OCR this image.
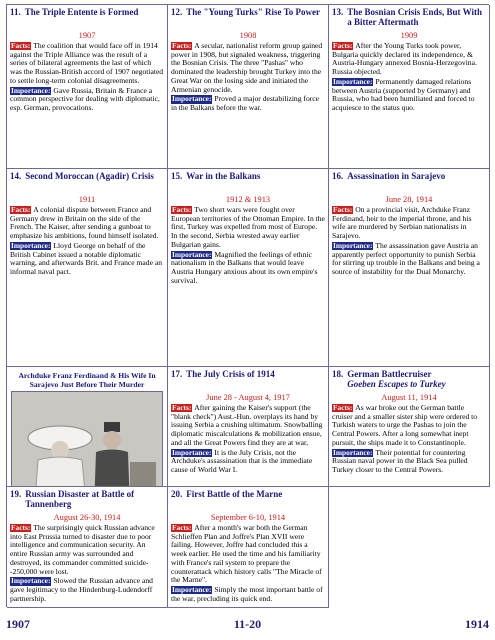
11. The Triple Entente is Formed
1907
Facts: The coalition that would face off in 1914 against the Triple Alliance was the result of a series of bilateral agreements the last of which was the Russian-British accord of 1907 negotiated to settle long-term colonial disagreements.
Importance: Gave Russia, Britain & France a common perspective for dealing with diplomatic, esp. German, provocations.
12. The "Young Turks" Rise To Power
1908
Facts: A secular, nationalist reform group gained power in 1908, but signaled weakness, triggering the Bosnian Crisis. The three "Pashas" who dominated the leadership brought Turkey into the Great War on the losing side and initiated the Armenian genocide.
Importance: Proved a major destabilizing force in the Balkans before the war.
13. The Bosnian Crisis Ends, But With a Bitter Aftermath
1909
Facts: After the Young Turks took power, Bulgaria quickly declared its independence, & Austria-Hungary annexed Bosnia-Herzegovina. Russia objected.
Importance: Permanently damaged relations between Austria (supported by Germany) and Russia, who had been humiliated and forced to acquiesce to the status quo.
14. Second Moroccan (Agadir) Crisis
1911
Facts: A colonial dispute between France and Germany drew in Britain on the side of the French. The Kaiser, after sending a gunboat to emphasize his ambitions, found himself isolated.
Importance: Lloyd George on behalf of the British Cabinet issued a notable diplomatic warning, and afterwards Brit. and France made an informal naval pact.
15. War in the Balkans
1912 & 1913
Facts: Two short wars were fought over European territories of the Ottoman Empire. In the first, Turkey was expelled from most of Europe. In the second, Serbia wrested away earlier Bulgarian gains.
Importance: Magnified the feelings of ethnic nationalism in the Balkans that would leave Austria Hungary anxious about its own empire's survival.
16. Assassination in Sarajevo
June 28, 1914
Facts: On a provincial visit, Archduke Franz Ferdinand, heir to the imperial throne, and his wife are murdered by Serbian nationalists in Sarajevo.
Importance: The assassination gave Austria an apparently perfect opportunity to punish Serbia for stirring up trouble in the Balkans and being a source of instability for the Dual Monarchy.
Archduke Franz Ferdinand & His Wife In Sarajevo Just Before Their Murder
17. The July Crisis of 1914
June 28 - August 4, 1917
Facts: After gaining the Kaiser's support (the "blank check") Aust.-Hun. overplays its hand by issuing Serbia a crushing ultimatum. Snowballing diplomatic miscalculations & mobilization ensue, and all the Great Powers find they are at war,
Importance: It is the July Crisis, not the Archduke's assassination that is the immediate cause of World War I.
18. German Battlecruiser
Goeben Escapes to Turkey
August 11, 1914
Facts: As war broke out the German battle cruiser and a smaller sister ship were ordered to Turkish waters to urge the Pashas to join the Central Powers. After a long somewhat inept pursuit, the ships made it to Constantinople.
Importance: Their potential for countering Russian naval power in the Black Sea pulled Turkey closer to the Central Powers.
19. Russian Disaster at Battle of Tannenberg
August 26-30, 1914
Facts: The surprisingly quick Russian advance into East Prussia turned to disaster due to poor intelligence and communication security. An entire Russian army was surrounded and destroyed, its commander committed suicide--250,000 were lost.
Importance: Slowed the Russian advance and gave legitimacy to the Hindenburg-Ludendorff partnership.
20. First Battle of the Marne
September 6-10, 1914
Facts: After a month's war both the German Schlieffen Plan and Joffre's Plan XVII were failing. However, Joffre had concluded this a week earlier. He used the time and his familiarity with France's rail system to prepare the counterattack which history calls "The Miracle of the Marne".
Importance: Simply the most important battle of the war, precluding its quick end.
1907	11-20	1914
